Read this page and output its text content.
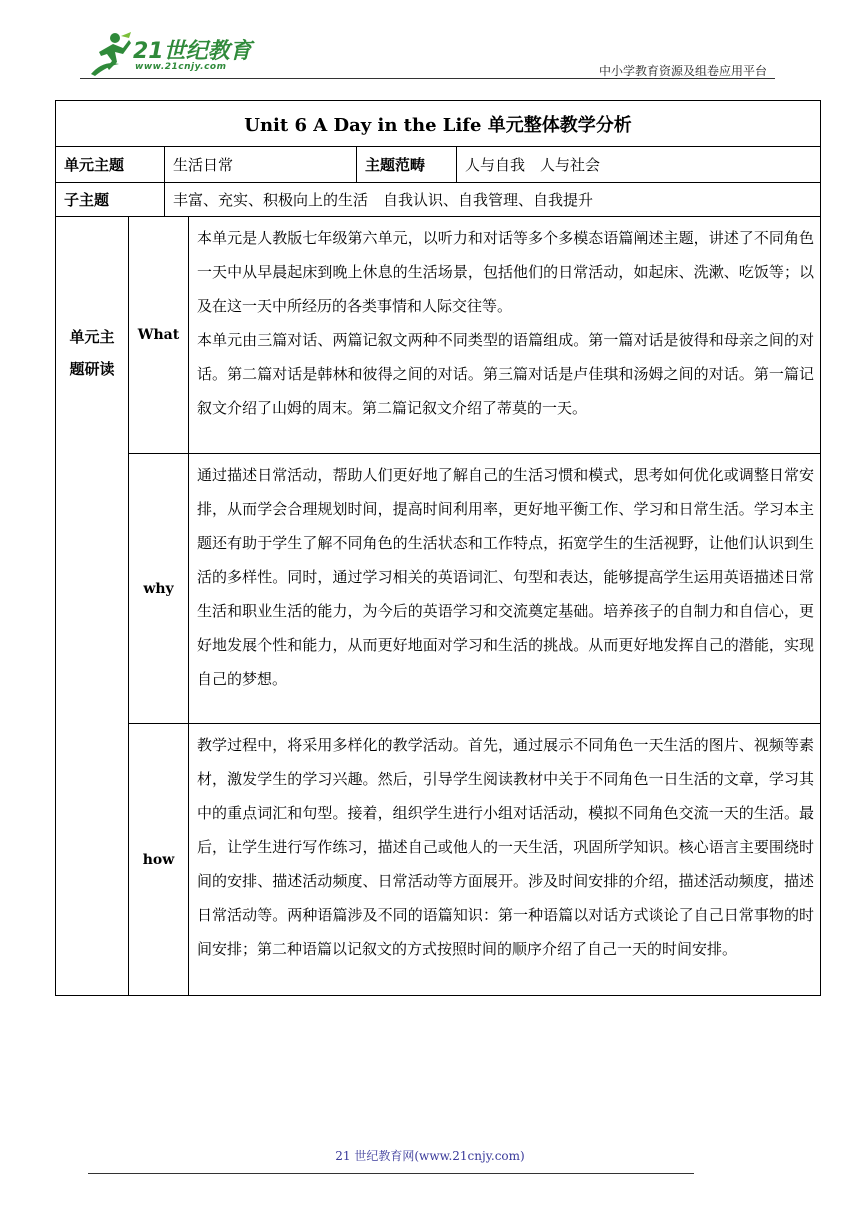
21世纪教育
www.21cnjy.com	中小学教育资源及组卷应用平台
Unit 6 A Day in the Life 单元整体教学分析					
单元主题		生活日常		主题范畴	人与自我　人与社会
子主题		丰富、充实、积极向上的生活　自我认识、自我管理、自我提升			

单元主题研读	What		本单元是人教版七年级第六单元，以听力和对话等多个多模态语篇阐述主题，讲述了不同角色一天中从早晨起床到晚上休息的生活场景，包括他们的日常活动，如起床、洗漱、吃饭等；以及在这一天中所经历的各类事情和人际交往等。

本单元由三篇对话、两篇记叙文两种不同类型的语篇组成。第一篇对话是彼得和母亲之间的对话。第二篇对话是韩林和彼得之间的对话。第三篇对话是卢佳琪和汤姆之间的对话。第一篇记叙文介绍了山姆的周末。第二篇记叙文介绍了蒂莫的一天。		

	why		通过描述日常活动，帮助人们更好地了解自己的生活习惯和模式，思考如何优化或调整日常安排，从而学会合理规划时间，提高时间利用率，更好地平衡工作、学习和日常生活。学习本主题还有助于学生了解不同角色的生活状态和工作特点，拓宽学生的生活视野，让他们认识到生活的多样性。同时，通过学习相关的英语词汇、句型和表达，能够提高学生运用英语描述日常生活和职业生活的能力，为今后的英语学习和交流奠定基础。培养孩子的自制力和自信心，更好地发展个性和能力，从而更好地面对学习和生活的挑战。从而更好地发挥自己的潜能，实现自己的梦想。		

	how		教学过程中，将采用多样化的教学活动。首先，通过展示不同角色一天生活的图片、视频等素材，激发学生的学习兴趣。然后，引导学生阅读教材中关于不同角色一日生活的文章，学习其中的重点词汇和句型。接着，组织学生进行小组对话活动，模拟不同角色交流一天的生活。最后，让学生进行写作练习，描述自己或他人的一天生活，巩固所学知识。核心语言主要围绕时间的安排、描述活动频度、日常活动等方面展开。涉及时间安排的介绍，描述活动频度，描述日常活动等。两种语篇涉及不同的语篇知识：第一种语篇以对话方式谈论了自己日常事物的时间安排；第二种语篇以记叙文的方式按照时间的顺序介绍了自己一天的时间安排。		

21 世纪教育网(www.21cnjy.com)
